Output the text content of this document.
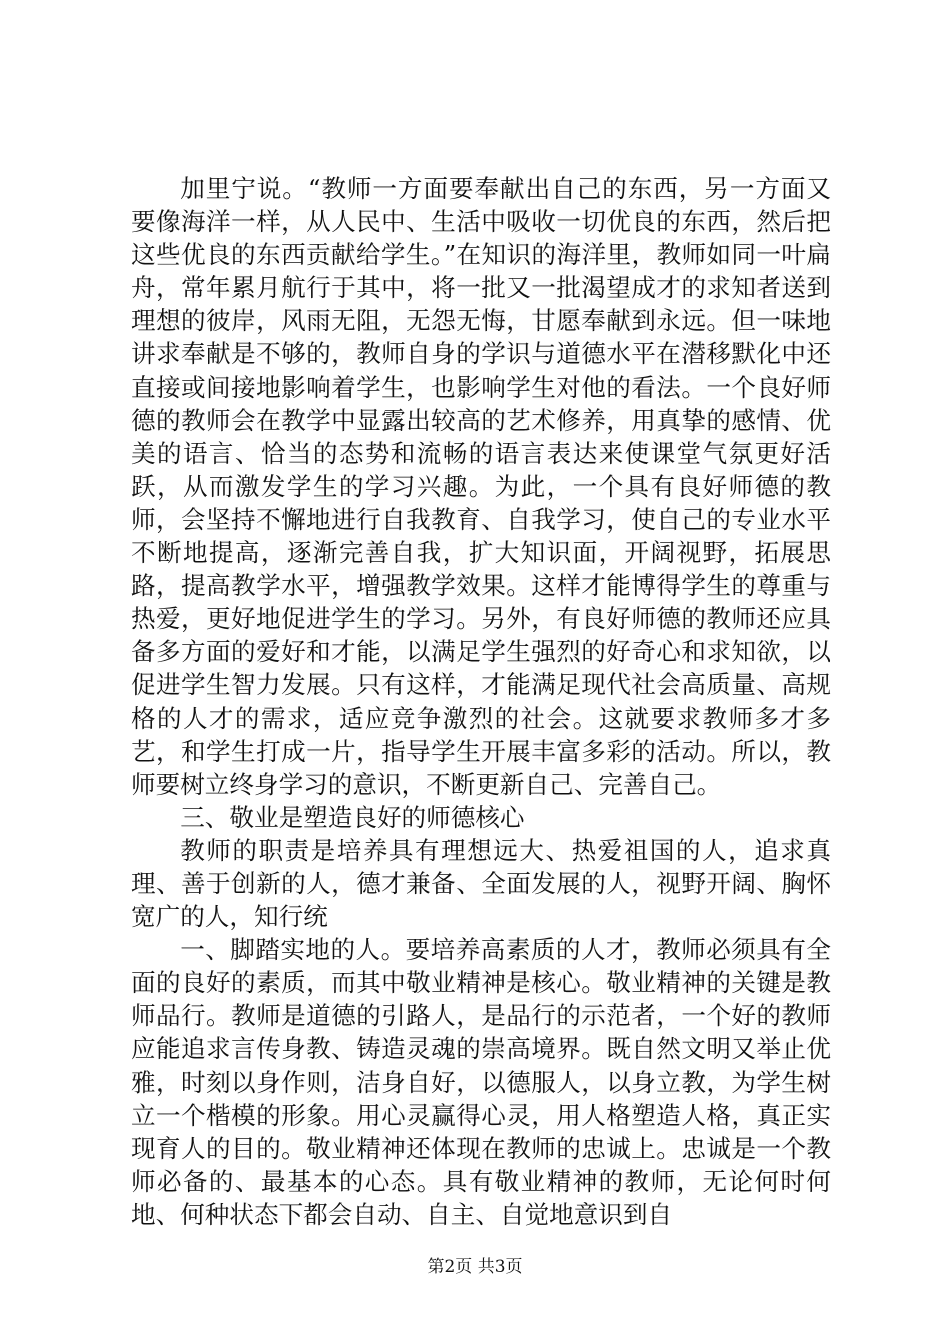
加里宁说。“教师一方面要奉献出自己的东西，另一方面又要像海洋一样，从人民中、生活中吸收一切优良的东西，然后把这些优良的东西贡献给学生。”在知识的海洋里，教师如同一叶扁舟，常年累月航行于其中，将一批又一批渴望成才的求知者送到理想的彼岸，风雨无阻，无怨无悔，甘愿奉献到永远。但一味地讲求奉献是不够的，教师自身的学识与道德水平在潜移默化中还直接或间接地影响着学生，也影响学生对他的看法。一个良好师德的教师会在教学中显露出较高的艺术修养，用真挚的感情、优美的语言、恰当的态势和流畅的语言表达来使课堂气氛更好活跃，从而激发学生的学习兴趣。为此，一个具有良好师德的教师，会坚持不懈地进行自我教育、自我学习，使自己的专业水平不断地提高，逐渐完善自我，扩大知识面，开阔视野，拓展思路，提高教学水平，增强教学效果。这样才能博得学生的尊重与热爱，更好地促进学生的学习。另外，有良好师德的教师还应具备多方面的爱好和才能，以满足学生强烈的好奇心和求知欲，以促进学生智力发展。只有这样，才能满足现代社会高质量、高规格的人才的需求，适应竞争激烈的社会。这就要求教师多才多艺，和学生打成一片，指导学生开展丰富多彩的活动。所以，教师要树立终身学习的意识，不断更新自己、完善自己。

三、敬业是塑造良好的师德核心

教师的职责是培养具有理想远大、热爱祖国的人，追求真理、善于创新的人，德才兼备、全面发展的人，视野开阔、胸怀宽广的人，知行统

一、脚踏实地的人。要培养高素质的人才，教师必须具有全面的良好的素质，而其中敬业精神是核心。敬业精神的关键是教师品行。教师是道德的引路人，是品行的示范者，一个好的教师应能追求言传身教、铸造灵魂的崇高境界。既自然文明又举止优雅，时刻以身作则，洁身自好，以德服人，以身立教，为学生树立一个楷模的形象。用心灵赢得心灵，用人格塑造人格，真正实现育人的目的。敬业精神还体现在教师的忠诚上。忠诚是一个教师必备的、最基本的心态。具有敬业精神的教师，无论何时何地、何种状态下都会自动、自主、自觉地意识到自

第2页 共3页
